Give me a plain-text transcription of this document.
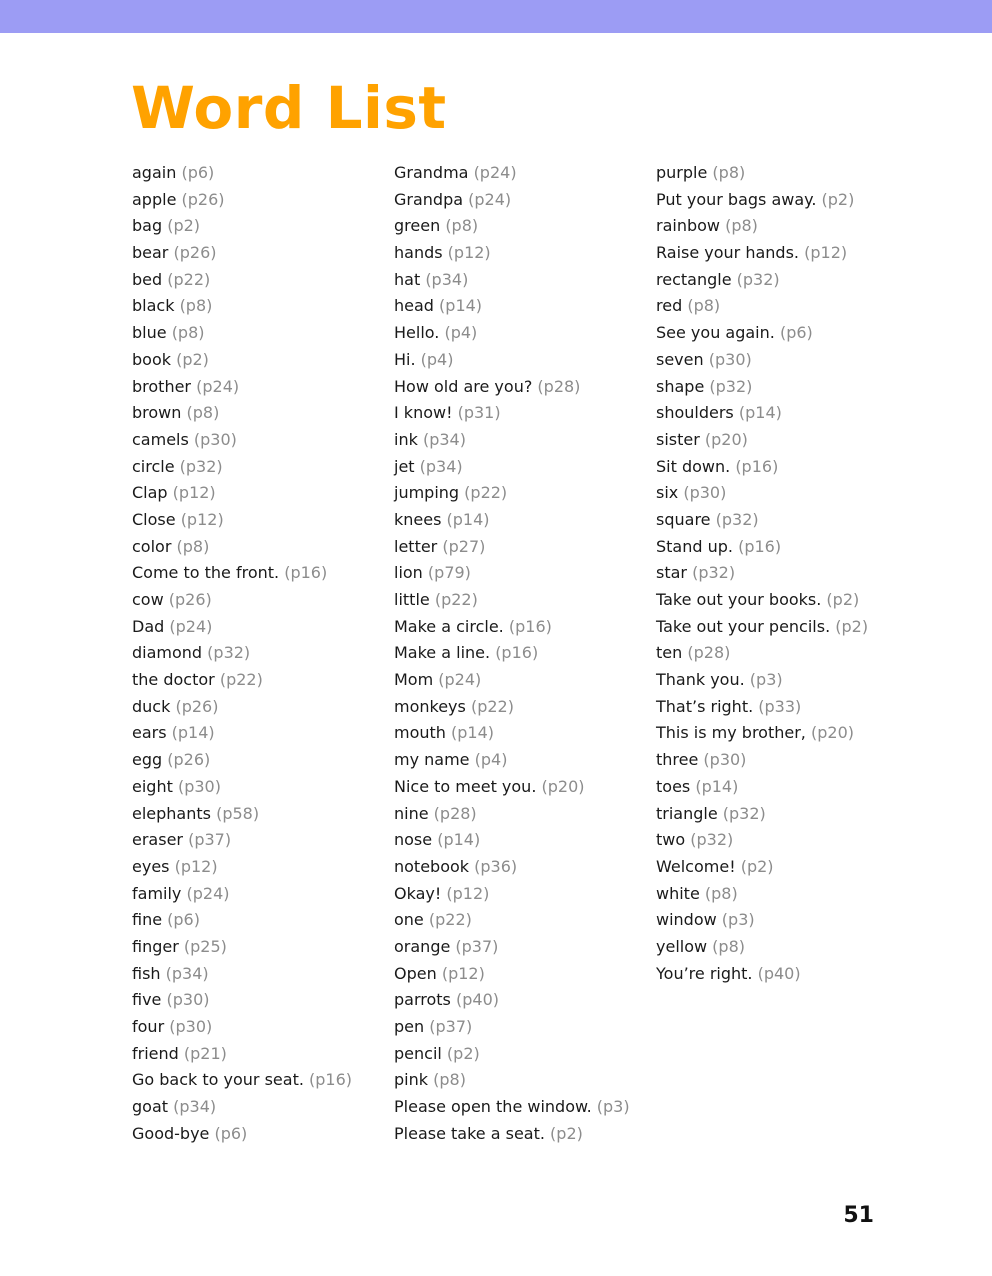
Word List
again (p6)
apple (p26)
bag (p2)
bear (p26)
bed (p22)
black (p8)
blue (p8)
book (p2)
brother (p24)
brown (p8)
camels (p30)
circle (p32)
Clap (p12)
Close (p12)
color (p8)
Come to the front. (p16)
cow (p26)
Dad (p24)
diamond (p32)
the doctor (p22)
duck (p26)
ears (p14)
egg (p26)
eight (p30)
elephants (p58)
eraser (p37)
eyes (p12)
family (p24)
fine (p6)
finger (p25)
fish (p34)
five (p30)
four (p30)
friend (p21)
Go back to your seat. (p16)
goat (p34)
Good-bye (p6)
Grandma (p24)
Grandpa (p24)
green (p8)
hands (p12)
hat (p34)
head (p14)
Hello. (p4)
Hi. (p4)
How old are you? (p28)
I know! (p31)
ink (p34)
jet (p34)
jumping (p22)
knees (p14)
letter (p27)
lion (p79)
little (p22)
Make a circle. (p16)
Make a line. (p16)
Mom (p24)
monkeys (p22)
mouth (p14)
my name (p4)
Nice to meet you. (p20)
nine (p28)
nose (p14)
notebook (p36)
Okay! (p12)
one (p22)
orange (p37)
Open (p12)
parrots (p40)
pen (p37)
pencil (p2)
pink (p8)
Please open the window. (p3)
Please take a seat. (p2)
purple (p8)
Put your bags away. (p2)
rainbow (p8)
Raise your hands. (p12)
rectangle (p32)
red (p8)
See you again. (p6)
seven (p30)
shape (p32)
shoulders (p14)
sister (p20)
Sit down. (p16)
six (p30)
square (p32)
Stand up. (p16)
star (p32)
Take out your books. (p2)
Take out your pencils. (p2)
ten (p28)
Thank you. (p3)
That’s right. (p33)
This is my brother, (p20)
three (p30)
toes (p14)
triangle (p32)
two (p32)
Welcome! (p2)
white (p8)
window (p3)
yellow (p8)
You’re right. (p40)
51
